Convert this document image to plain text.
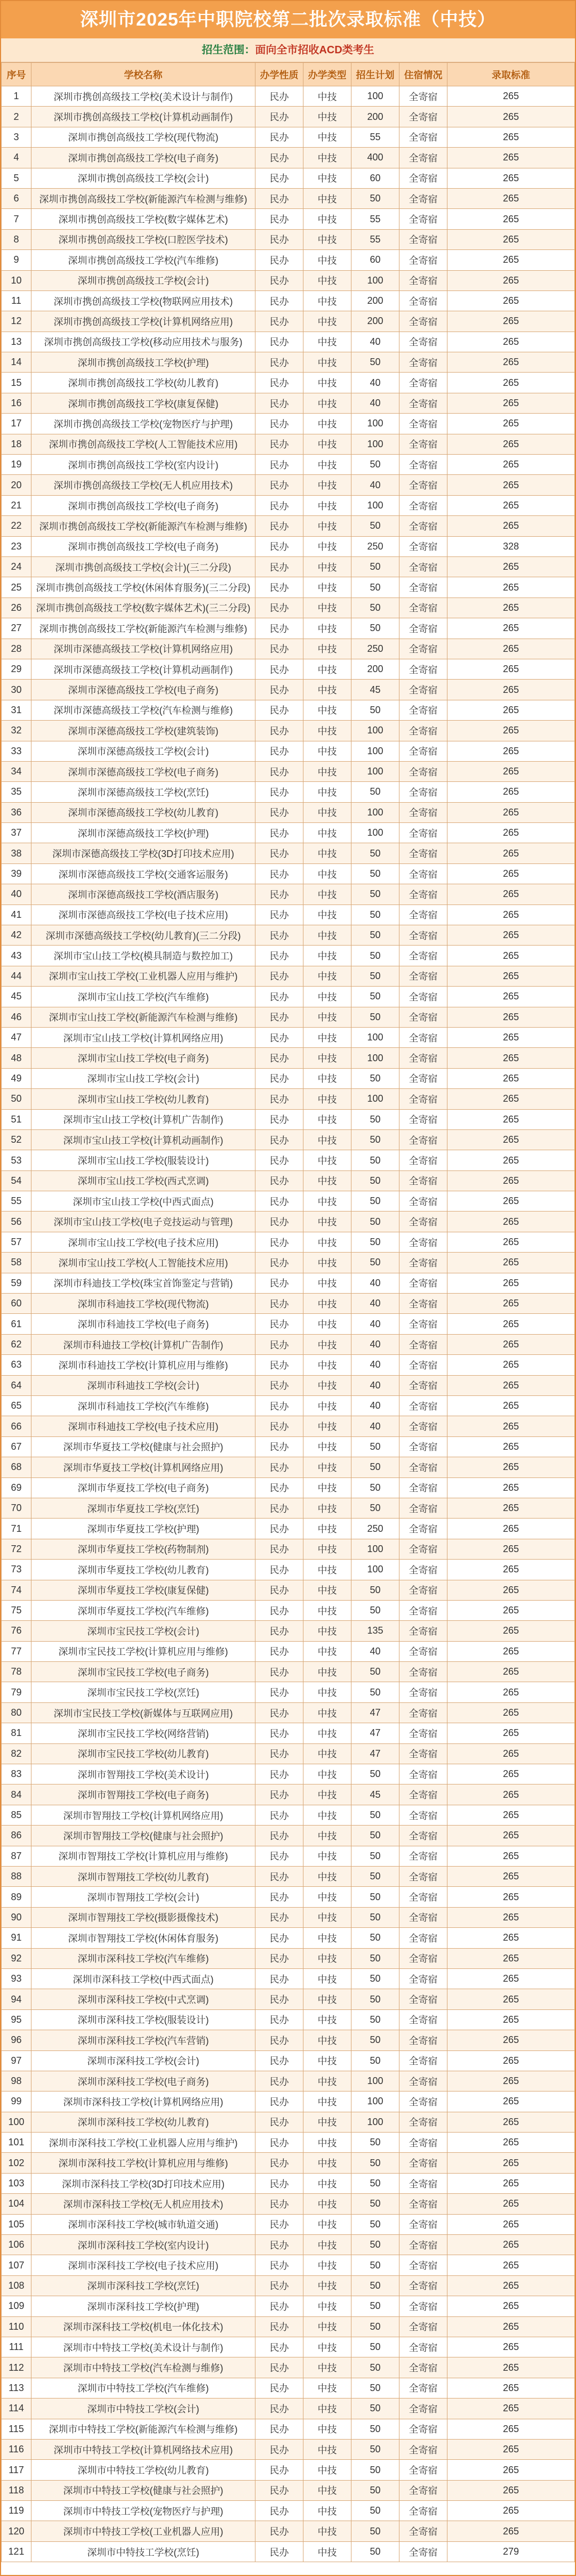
深圳市2025年中职院校第二批次录取标准（中技）
招生范围：面向全市招收ACD类考生
序号	学校名称	办学性质	办学类型	招生计划	住宿情况	录取标准
1	深圳市携创高级技工学校(美术设计与制作)	民办	中技	100	全寄宿	265
2	深圳市携创高级技工学校(计算机动画制作)	民办	中技	200	全寄宿	265
3	深圳市携创高级技工学校(现代物流)	民办	中技	55	全寄宿	265
4	深圳市携创高级技工学校(电子商务)	民办	中技	400	全寄宿	265
5	深圳市携创高级技工学校(会计)	民办	中技	60	全寄宿	265
6	深圳市携创高级技工学校(新能源汽车检测与维修)	民办	中技	50	全寄宿	265
7	深圳市携创高级技工学校(数字媒体艺术)	民办	中技	55	全寄宿	265
8	深圳市携创高级技工学校(口腔医学技术)	民办	中技	55	全寄宿	265
9	深圳市携创高级技工学校(汽车维修)	民办	中技	60	全寄宿	265
10	深圳市携创高级技工学校(会计)	民办	中技	100	全寄宿	265
11	深圳市携创高级技工学校(物联网应用技术)	民办	中技	200	全寄宿	265
12	深圳市携创高级技工学校(计算机网络应用)	民办	中技	200	全寄宿	265
13	深圳市携创高级技工学校(移动应用技术与服务)	民办	中技	40	全寄宿	265
14	深圳市携创高级技工学校(护理)	民办	中技	50	全寄宿	265
15	深圳市携创高级技工学校(幼儿教育)	民办	中技	40	全寄宿	265
16	深圳市携创高级技工学校(康复保健)	民办	中技	40	全寄宿	265
17	深圳市携创高级技工学校(宠物医疗与护理)	民办	中技	100	全寄宿	265
18	深圳市携创高级技工学校(人工智能技术应用)	民办	中技	100	全寄宿	265
19	深圳市携创高级技工学校(室内设计)	民办	中技	50	全寄宿	265
20	深圳市携创高级技工学校(无人机应用技术)	民办	中技	40	全寄宿	265
21	深圳市携创高级技工学校(电子商务)	民办	中技	100	全寄宿	265
22	深圳市携创高级技工学校(新能源汽车检测与维修)	民办	中技	50	全寄宿	265
23	深圳市携创高级技工学校(电子商务)	民办	中技	250	全寄宿	328
24	深圳市携创高级技工学校(会计)(三二分段)	民办	中技	50	全寄宿	265
25	深圳市携创高级技工学校(休闲体育服务)(三二分段)	民办	中技	50	全寄宿	265
26	深圳市携创高级技工学校(数字媒体艺术)(三二分段)	民办	中技	50	全寄宿	265
27	深圳市携创高级技工学校(新能源汽车检测与维修)	民办	中技	50	全寄宿	265
28	深圳市深德高级技工学校(计算机网络应用)	民办	中技	250	全寄宿	265
29	深圳市深德高级技工学校(计算机动画制作)	民办	中技	200	全寄宿	265
30	深圳市深德高级技工学校(电子商务)	民办	中技	45	全寄宿	265
31	深圳市深德高级技工学校(汽车检测与维修)	民办	中技	50	全寄宿	265
32	深圳市深德高级技工学校(建筑装饰)	民办	中技	100	全寄宿	265
33	深圳市深德高级技工学校(会计)	民办	中技	100	全寄宿	265
34	深圳市深德高级技工学校(电子商务)	民办	中技	100	全寄宿	265
35	深圳市深德高级技工学校(烹饪)	民办	中技	50	全寄宿	265
36	深圳市深德高级技工学校(幼儿教育)	民办	中技	100	全寄宿	265
37	深圳市深德高级技工学校(护理)	民办	中技	100	全寄宿	265
38	深圳市深德高级技工学校(3D打印技术应用)	民办	中技	50	全寄宿	265
39	深圳市深德高级技工学校(交通客运服务)	民办	中技	50	全寄宿	265
40	深圳市深德高级技工学校(酒店服务)	民办	中技	50	全寄宿	265
41	深圳市深德高级技工学校(电子技术应用)	民办	中技	50	全寄宿	265
42	深圳市深德高级技工学校(幼儿教育)(三二分段)	民办	中技	50	全寄宿	265
43	深圳市宝山技工学校(模具制造与数控加工)	民办	中技	50	全寄宿	265
44	深圳市宝山技工学校(工业机器人应用与维护)	民办	中技	50	全寄宿	265
45	深圳市宝山技工学校(汽车维修)	民办	中技	50	全寄宿	265
46	深圳市宝山技工学校(新能源汽车检测与维修)	民办	中技	50	全寄宿	265
47	深圳市宝山技工学校(计算机网络应用)	民办	中技	100	全寄宿	265
48	深圳市宝山技工学校(电子商务)	民办	中技	100	全寄宿	265
49	深圳市宝山技工学校(会计)	民办	中技	50	全寄宿	265
50	深圳市宝山技工学校(幼儿教育)	民办	中技	100	全寄宿	265
51	深圳市宝山技工学校(计算机广告制作)	民办	中技	50	全寄宿	265
52	深圳市宝山技工学校(计算机动画制作)	民办	中技	50	全寄宿	265
53	深圳市宝山技工学校(服装设计)	民办	中技	50	全寄宿	265
54	深圳市宝山技工学校(西式烹调)	民办	中技	50	全寄宿	265
55	深圳市宝山技工学校(中西式面点)	民办	中技	50	全寄宿	265
56	深圳市宝山技工学校(电子竞技运动与管理)	民办	中技	50	全寄宿	265
57	深圳市宝山技工学校(电子技术应用)	民办	中技	50	全寄宿	265
58	深圳市宝山技工学校(人工智能技术应用)	民办	中技	50	全寄宿	265
59	深圳市科迪技工学校(珠宝首饰鉴定与营销)	民办	中技	40	全寄宿	265
60	深圳市科迪技工学校(现代物流)	民办	中技	40	全寄宿	265
61	深圳市科迪技工学校(电子商务)	民办	中技	40	全寄宿	265
62	深圳市科迪技工学校(计算机广告制作)	民办	中技	40	全寄宿	265
63	深圳市科迪技工学校(计算机应用与维修)	民办	中技	40	全寄宿	265
64	深圳市科迪技工学校(会计)	民办	中技	40	全寄宿	265
65	深圳市科迪技工学校(汽车维修)	民办	中技	40	全寄宿	265
66	深圳市科迪技工学校(电子技术应用)	民办	中技	40	全寄宿	265
67	深圳市华夏技工学校(健康与社会照护)	民办	中技	50	全寄宿	265
68	深圳市华夏技工学校(计算机网络应用)	民办	中技	50	全寄宿	265
69	深圳市华夏技工学校(电子商务)	民办	中技	50	全寄宿	265
70	深圳市华夏技工学校(烹饪)	民办	中技	50	全寄宿	265
71	深圳市华夏技工学校(护理)	民办	中技	250	全寄宿	265
72	深圳市华夏技工学校(药物制剂)	民办	中技	100	全寄宿	265
73	深圳市华夏技工学校(幼儿教育)	民办	中技	100	全寄宿	265
74	深圳市华夏技工学校(康复保健)	民办	中技	50	全寄宿	265
75	深圳市华夏技工学校(汽车维修)	民办	中技	50	全寄宿	265
76	深圳市宝民技工学校(会计)	民办	中技	135	全寄宿	265
77	深圳市宝民技工学校(计算机应用与维修)	民办	中技	40	全寄宿	265
78	深圳市宝民技工学校(电子商务)	民办	中技	50	全寄宿	265
79	深圳市宝民技工学校(烹饪)	民办	中技	50	全寄宿	265
80	深圳市宝民技工学校(新媒体与互联网应用)	民办	中技	47	全寄宿	265
81	深圳市宝民技工学校(网络营销)	民办	中技	47	全寄宿	265
82	深圳市宝民技工学校(幼儿教育)	民办	中技	47	全寄宿	265
83	深圳市智翔技工学校(美术设计)	民办	中技	50	全寄宿	265
84	深圳市智翔技工学校(电子商务)	民办	中技	45	全寄宿	265
85	深圳市智翔技工学校(计算机网络应用)	民办	中技	50	全寄宿	265
86	深圳市智翔技工学校(健康与社会照护)	民办	中技	50	全寄宿	265
87	深圳市智翔技工学校(计算机应用与维修)	民办	中技	50	全寄宿	265
88	深圳市智翔技工学校(幼儿教育)	民办	中技	50	全寄宿	265
89	深圳市智翔技工学校(会计)	民办	中技	50	全寄宿	265
90	深圳市智翔技工学校(摄影摄像技术)	民办	中技	50	全寄宿	265
91	深圳市智翔技工学校(休闲体育服务)	民办	中技	50	全寄宿	265
92	深圳市深科技工学校(汽车维修)	民办	中技	50	全寄宿	265
93	深圳市深科技工学校(中西式面点)	民办	中技	50	全寄宿	265
94	深圳市深科技工学校(中式烹调)	民办	中技	50	全寄宿	265
95	深圳市深科技工学校(服装设计)	民办	中技	50	全寄宿	265
96	深圳市深科技工学校(汽车营销)	民办	中技	50	全寄宿	265
97	深圳市深科技工学校(会计)	民办	中技	50	全寄宿	265
98	深圳市深科技工学校(电子商务)	民办	中技	100	全寄宿	265
99	深圳市深科技工学校(计算机网络应用)	民办	中技	100	全寄宿	265
100	深圳市深科技工学校(幼儿教育)	民办	中技	100	全寄宿	265
101	深圳市深科技工学校(工业机器人应用与维护)	民办	中技	50	全寄宿	265
102	深圳市深科技工学校(计算机应用与维修)	民办	中技	50	全寄宿	265
103	深圳市深科技工学校(3D打印技术应用)	民办	中技	50	全寄宿	265
104	深圳市深科技工学校(无人机应用技术)	民办	中技	50	全寄宿	265
105	深圳市深科技工学校(城市轨道交通)	民办	中技	50	全寄宿	265
106	深圳市深科技工学校(室内设计)	民办	中技	50	全寄宿	265
107	深圳市深科技工学校(电子技术应用)	民办	中技	50	全寄宿	265
108	深圳市深科技工学校(烹饪)	民办	中技	50	全寄宿	265
109	深圳市深科技工学校(护理)	民办	中技	50	全寄宿	265
110	深圳市深科技工学校(机电一体化技术)	民办	中技	50	全寄宿	265
111	深圳市中特技工学校(美术设计与制作)	民办	中技	50	全寄宿	265
112	深圳市中特技工学校(汽车检测与维修)	民办	中技	50	全寄宿	265
113	深圳市中特技工学校(汽车维修)	民办	中技	50	全寄宿	265
114	深圳市中特技工学校(会计)	民办	中技	50	全寄宿	265
115	深圳市中特技工学校(新能源汽车检测与维修)	民办	中技	50	全寄宿	265
116	深圳市中特技工学校(计算机网络技术应用)	民办	中技	50	全寄宿	265
117	深圳市中特技工学校(幼儿教育)	民办	中技	50	全寄宿	265
118	深圳市中特技工学校(健康与社会照护)	民办	中技	50	全寄宿	265
119	深圳市中特技工学校(宠物医疗与护理)	民办	中技	50	全寄宿	265
120	深圳市中特技工学校(工业机器人应用)	民办	中技	50	全寄宿	265
121	深圳市中特技工学校(烹饪)	民办	中技	50	全寄宿	279
